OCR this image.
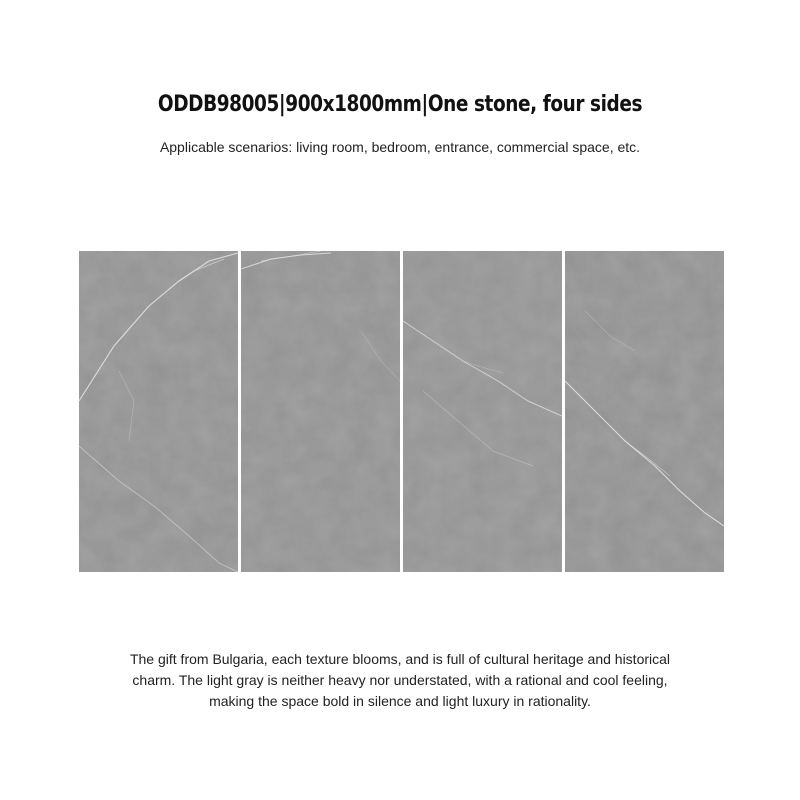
ODDB98005|900x1800mm|One stone, four sides
Applicable scenarios: living room, bedroom, entrance, commercial space, etc.
The gift from Bulgaria, each texture blooms, and is full of cultural heritage and historical
charm. The light gray is neither heavy nor understated, with a rational and cool feeling,
making the space bold in silence and light luxury in rationality.
